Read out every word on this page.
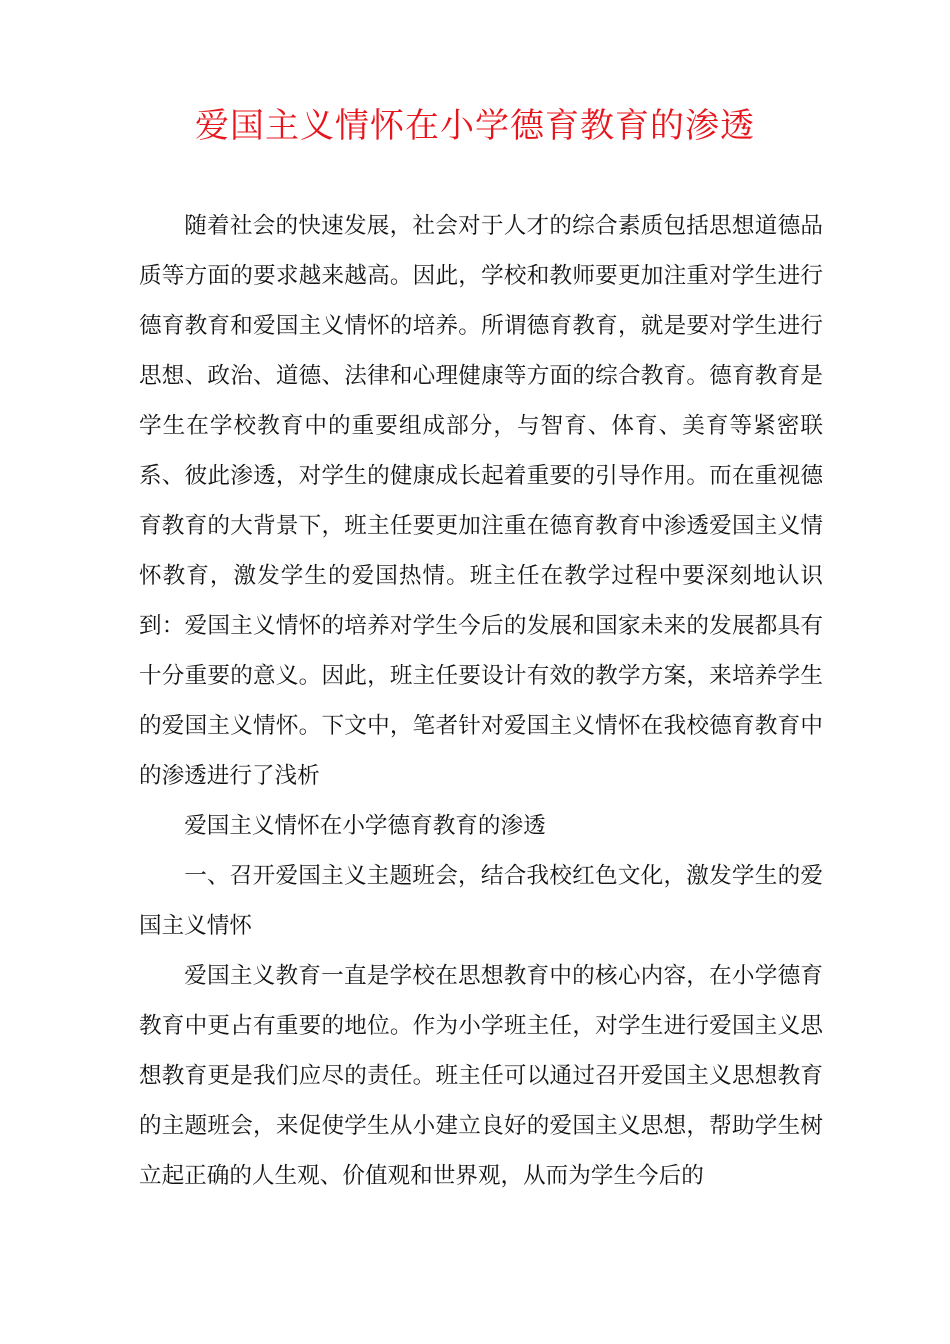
爱国主义情怀在小学德育教育的渗透

随着社会的快速发展，社会对于人才的综合素质包括思想道德品质等方面的要求越来越高。因此，学校和教师要更加注重对学生进行德育教育和爱国主义情怀的培养。所谓德育教育，就是要对学生进行思想、政治、道德、法律和心理健康等方面的综合教育。德育教育是学生在学校教育中的重要组成部分，与智育、体育、美育等紧密联系、彼此渗透，对学生的健康成长起着重要的引导作用。而在重视德育教育的大背景下，班主任要更加注重在德育教育中渗透爱国主义情怀教育，激发学生的爱国热情。班主任在教学过程中要深刻地认识到：爱国主义情怀的培养对学生今后的发展和国家未来的发展都具有十分重要的意义。因此，班主任要设计有效的教学方案，来培养学生的爱国主义情怀。下文中，笔者针对爱国主义情怀在我校德育教育中的渗透进行了浅析

爱国主义情怀在小学德育教育的渗透

一、召开爱国主义主题班会，结合我校红色文化，激发学生的爱国主义情怀

爱国主义教育一直是学校在思想教育中的核心内容，在小学德育教育中更占有重要的地位。作为小学班主任，对学生进行爱国主义思想教育更是我们应尽的责任。班主任可以通过召开爱国主义思想教育的主题班会，来促使学生从小建立良好的爱国主义思想，帮助学生树立起正确的人生观、价值观和世界观，从而为学生今后的
